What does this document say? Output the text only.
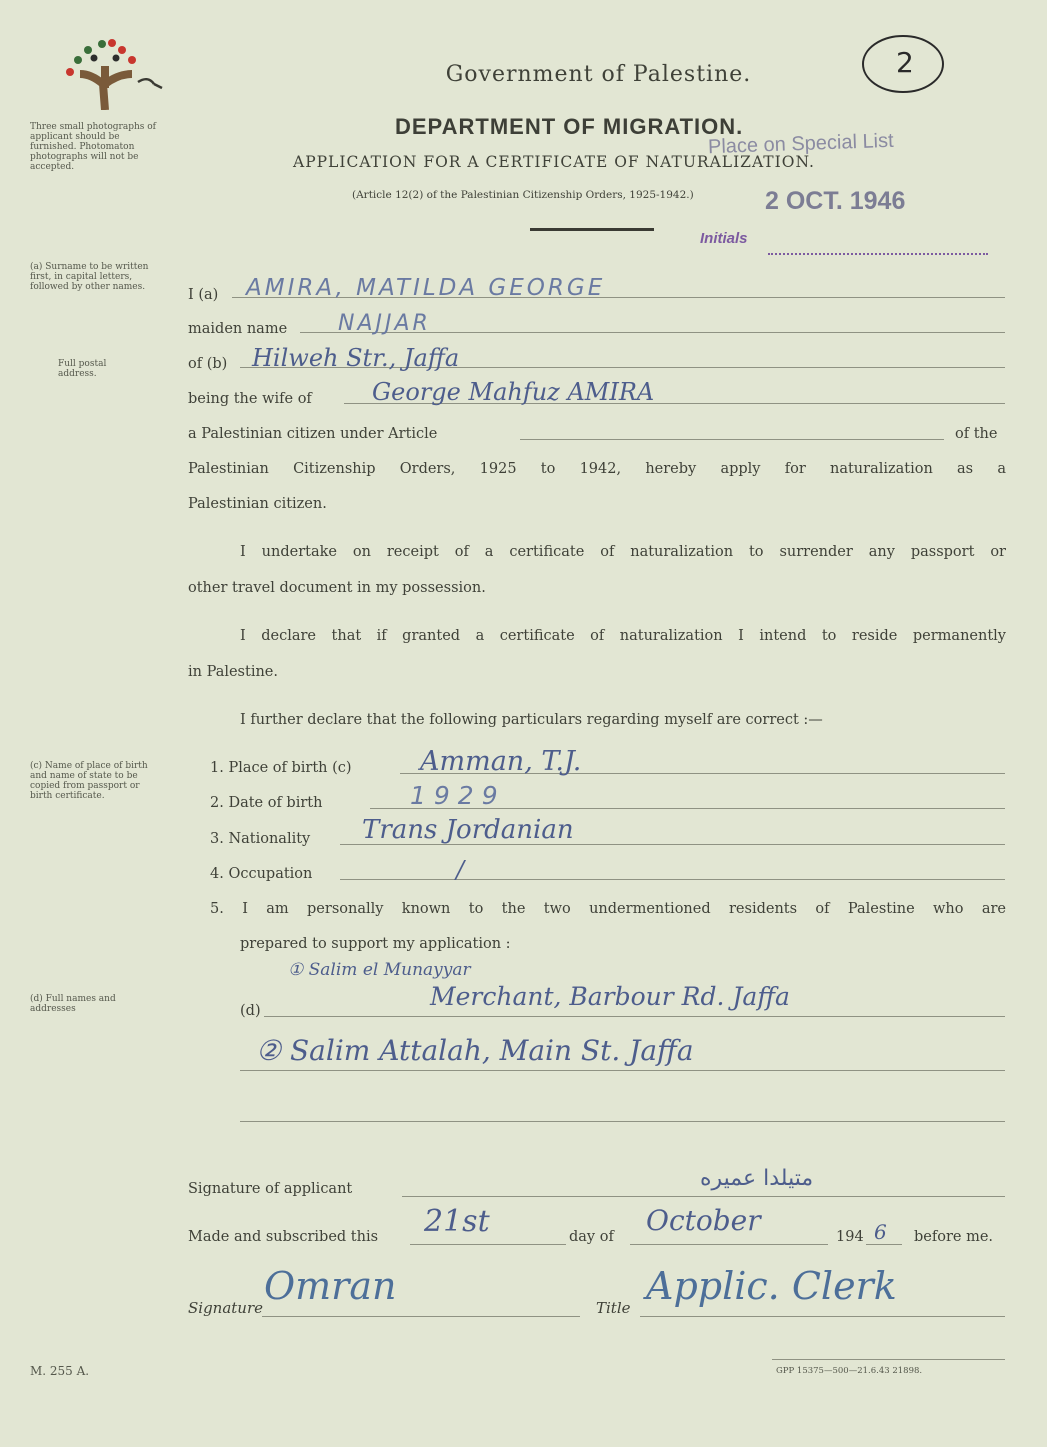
2
Government of Palestine.
DEPARTMENT OF MIGRATION.
APPLICATION FOR A CERTIFICATE OF NATURALIZATION.
(Article 12(2) of the Palestinian Citizenship Orders, 1925-1942.)
Place on Special List
2 OCT. 1946
Initials
Three small photographs of applicant should be furnished. Photomaton photographs will not be accepted.
(a) Surname to be written first, in capital letters, followed by other names.
Full postal address.
(c) Name of place of birth and name of state to be copied from passport or birth certificate.
(d) Full names and addresses
I (a) AMIRA, MATILDA GEORGE
maiden name NAJJAR
of (b) Hilweh Str., Jaffa
being the wife of	George Mahfuz AMIRA
a Palestinian citizen under Article	of the
Palestinian Citizenship Orders, 1925 to 1942, hereby apply for naturalization as a
Palestinian citizen.
I undertake on receipt of a certificate of naturalization to surrender any passport or
other travel document in my possession.
I declare that if granted a certificate of naturalization I intend to reside permanently
in Palestine.
I further declare that the following particulars regarding myself are correct :—
1. Place of birth (c)	Amman, T.J.
2. Date of birth	1929
3. Nationality Trans Jordanian
4. Occupation	/
5. I am personally known to the two undermentioned residents of Palestine who are
prepared to support my application :
(d)
① Salim el Munayyar
Merchant, Barbour Rd. Jaffa
② Salim Attalah, Main St. Jaffa
Signature of applicant	متيلدا عميره
Made and subscribed this 21st	day of October	194 6 before me.
Signature Omran	Title Applic. Clerk
M. 255 A.	GPP 15375—500—21.6.43 21898.
